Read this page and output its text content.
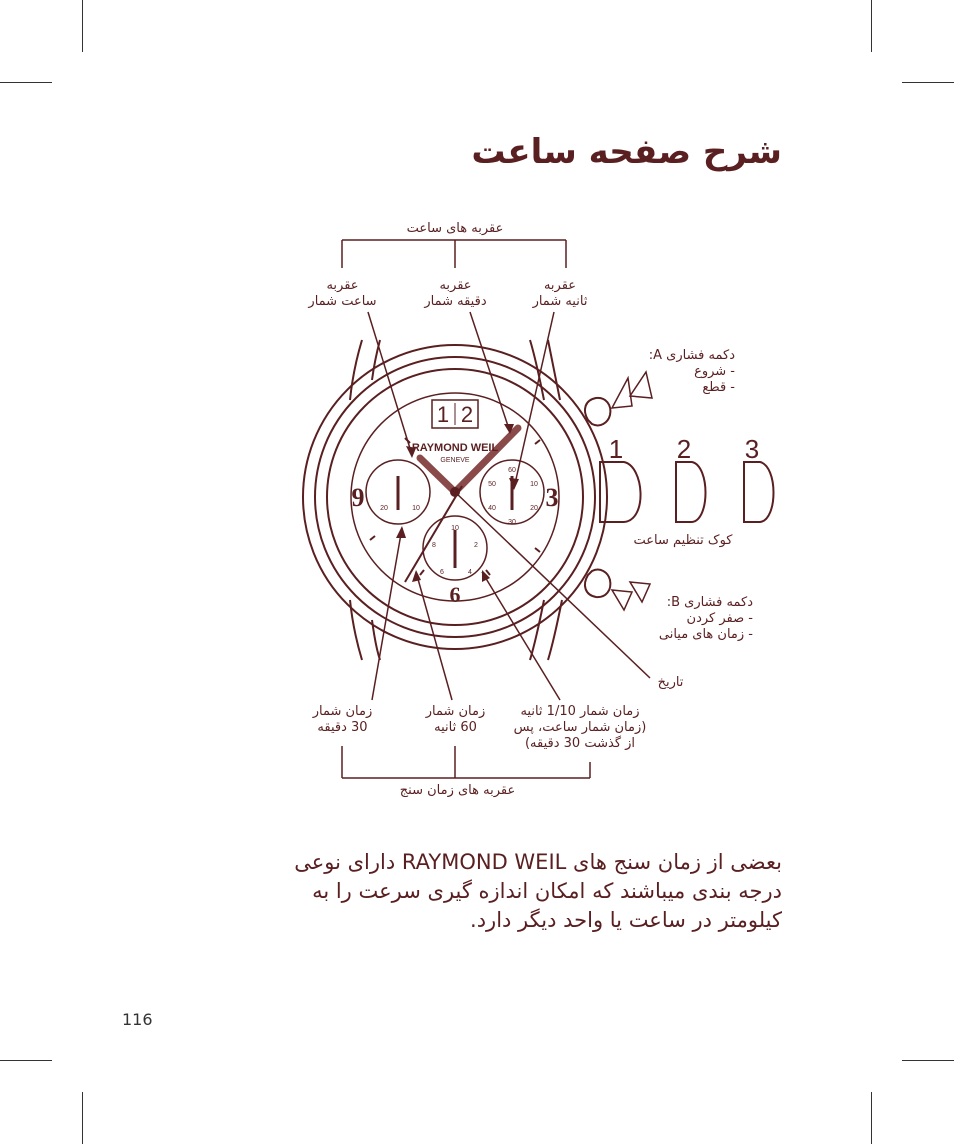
شرح صفحه ساعت
1 2
RAYMOND WEIL
GENEVE
9	3
6
20	10
60
10
50
40	20
30
10
2
8
6	4
1 2 3
عقربه های ساعت
عقربه
ساعت شمار
عقربه
دقیقه شمار
عقربه
ثانیه شمار
دکمه فشاری A:
- شروع
- قطع
کوک تنظیم ساعت
دکمه فشاری B:
- صفر کردن
- زمان های میانی
تاریخ
زمان شمار
30 دقیقه
زمان شمار
60 ثانیه
زمان شمار 1/10 ثانیه
(زمان شمار ساعت، پس
از گذشت 30 دقیقه)
عقربه های زمان سنج
بعضی از زمان سنج های RAYMOND WEIL دارای نوعی
درجه بندی میباشند که امکان اندازه گیری سرعت را به
کیلومتر در ساعت یا واحد دیگر دارد.
116
